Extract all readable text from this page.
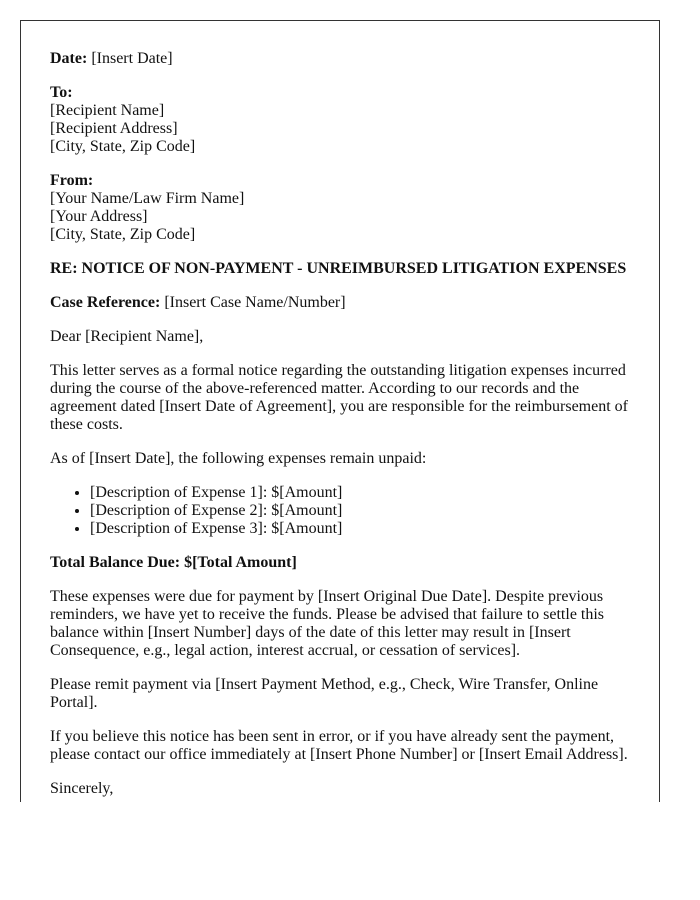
Date: [Insert Date]

To:
[Recipient Name]
[Recipient Address]
[City, State, Zip Code]

From:
[Your Name/Law Firm Name]
[Your Address]
[City, State, Zip Code]

RE: NOTICE OF NON-PAYMENT - UNREIMBURSED LITIGATION EXPENSES

Case Reference: [Insert Case Name/Number]

Dear [Recipient Name],

This letter serves as a formal notice regarding the outstanding litigation expenses incurred during the course of the above-referenced matter. According to our records and the agreement dated [Insert Date of Agreement], you are responsible for the reimbursement of these costs.

As of [Insert Date], the following expenses remain unpaid:

• [Description of Expense 1]: $[Amount]
• [Description of Expense 2]: $[Amount]
• [Description of Expense 3]: $[Amount]

Total Balance Due: $[Total Amount]

These expenses were due for payment by [Insert Original Due Date]. Despite previous reminders, we have yet to receive the funds. Please be advised that failure to settle this balance within [Insert Number] days of the date of this letter may result in [Insert Consequence, e.g., legal action, interest accrual, or cessation of services].

Please remit payment via [Insert Payment Method, e.g., Check, Wire Transfer, Online Portal].

If you believe this notice has been sent in error, or if you have already sent the payment, please contact our office immediately at [Insert Phone Number] or [Insert Email Address].

Sincerely,
